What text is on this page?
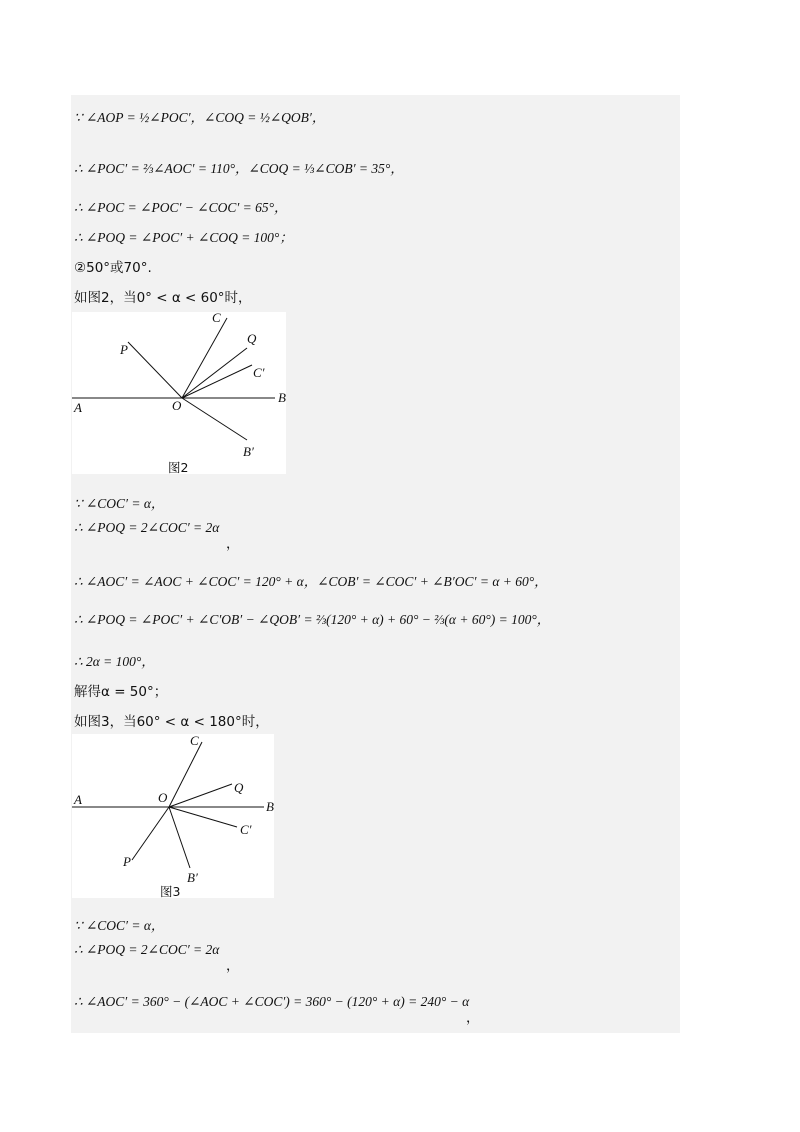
∵ ∠AOP = ½∠POC′，∠COQ = ½∠QOB′，
∴ ∠POC′ = ⅔∠AOC′ = 110°，∠COQ = ⅓∠COB′ = 35°，
∴ ∠POC = ∠POC′ − ∠COC′ = 65°，
∴ ∠POQ = ∠POC′ + ∠COQ = 100°；
②50°或70°.
如图2，当0° < α < 60°时，
A	O
B
P
C
Q
C′
B′
图2
∵ ∠COC′ = α，
∴ ∠POQ = 2∠COC′ = 2α
，
∴ ∠AOC′ = ∠AOC + ∠COC′ = 120° + α，∠COB′ = ∠COC′ + ∠B′OC′ = α + 60°，
∴ ∠POQ = ∠POC′ + ∠C′OB′ − ∠QOB′ = ⅔(120° + α) + 60° − ⅔(α + 60°) = 100°，
∴ 2α = 100°，
解得α = 50°；
如图3，当60° < α < 180°时，
A	O
B
C
Q
C′
B′
P
图3
∵ ∠COC′ = α，
∴ ∠POQ = 2∠COC′ = 2α
，
∴ ∠AOC′ = 360° − (∠AOC + ∠COC′) = 360° − (120° + α) = 240° − α
，
